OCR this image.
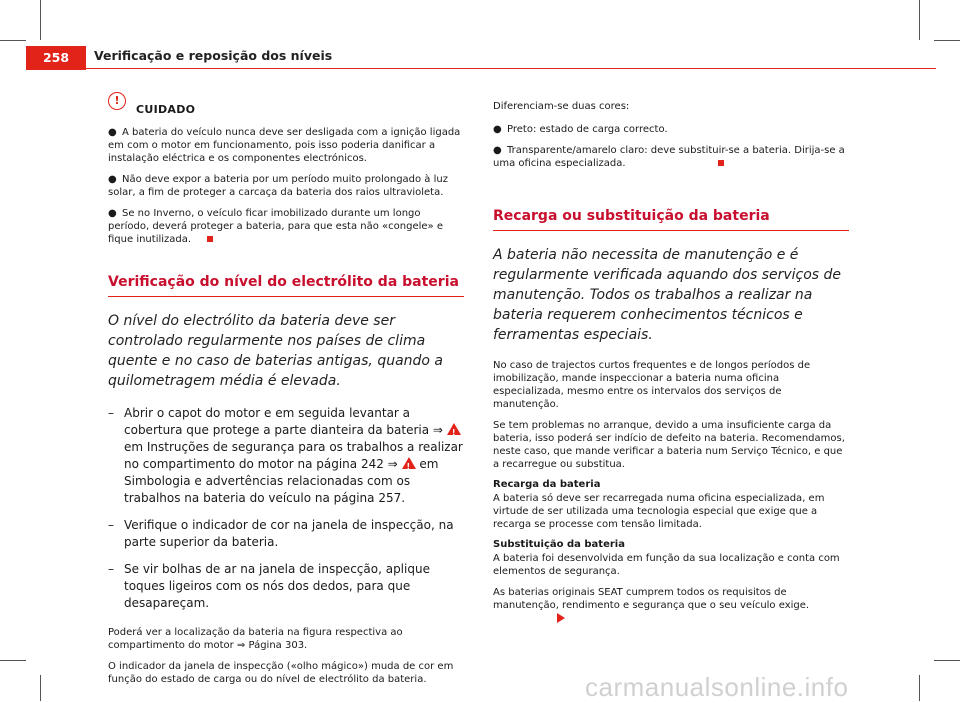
258	Verificação e reposição dos níveis
!
CUIDADO

● A bateria do veículo nunca deve ser desligada com a ignição ligada em com o motor em funcionamento, pois isso poderia danificar a instalação eléctrica e os componentes electrónicos.

● Não deve expor a bateria por um período muito prolongado à luz solar, a fim de proteger a carcaça da bateria dos raios ultravioleta.

● Se no Inverno, o veículo ficar imobilizado durante um longo período, deverá proteger a bateria, para que esta não «congele» e fique inutilizada.

Verificação do nível do electrólito da bateria

O nível do electrólito da bateria deve ser controlado regularmente nos países de clima quente e no caso de baterias antigas, quando a quilometragem média é elevada.

– Abrir o capot do motor e em seguida levantar a cobertura que protege a parte dianteira da bateria ⇒ ! em Instruções de segurança para os trabalhos a realizar no compartimento do motor na página 242 ⇒ ! em Simbologia e advertências relacionadas com os trabalhos na bateria do veículo na página 257.
– Verifique o indicador de cor na janela de inspecção, na parte superior da bateria.
– Se vir bolhas de ar na janela de inspecção, aplique toques ligeiros com os nós dos dedos, para que desapareçam.

Poderá ver a localização da bateria na figura respectiva ao compartimento do motor ⇒ Página 303.

O indicador da janela de inspecção («olho mágico») muda de cor em função do estado de carga ou do nível de electrólito da bateria.

Diferenciam-se duas cores:

● Preto: estado de carga correcto.

● Transparente/amarelo claro: deve substituir-se a bateria. Dirija-se a uma oficina especializada.

Recarga ou substituição da bateria

A bateria não necessita de manutenção e é regularmente verificada aquando dos serviços de manutenção. Todos os trabalhos a realizar na bateria requerem conhecimentos técnicos e ferramentas especiais.

No caso de trajectos curtos frequentes e de longos períodos de imobilização, mande inspeccionar a bateria numa oficina especializada, mesmo entre os intervalos dos serviços de manutenção.

Se tem problemas no arranque, devido a uma insuficiente carga da bateria, isso poderá ser indício de defeito na bateria. Recomendamos, neste caso, que mande verificar a bateria num Serviço Técnico, e que a recarregue ou substitua.

Recarga da bateria

A bateria só deve ser recarregada numa oficina especializada, em virtude de ser utilizada uma tecnologia especial que exige que a recarga se processe com tensão limitada.

Substituição da bateria

A bateria foi desenvolvida em função da sua localização e conta com elementos de segurança.

As baterias originais SEAT cumprem todos os requisitos de manutenção, rendimento e segurança que o seu veículo exige.

carmanualsonline.info
